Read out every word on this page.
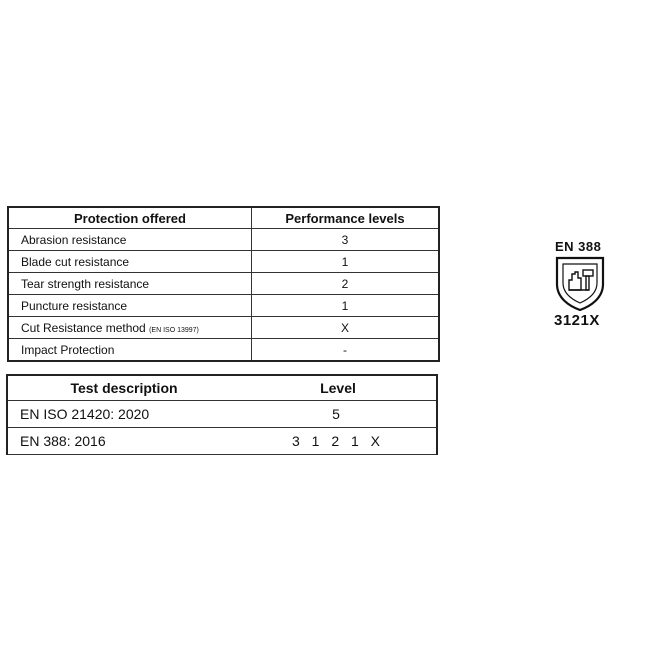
Protection offered	Performance levels
Abrasion resistance	3
Blade cut resistance	1
Tear strength resistance	2
Puncture resistance	1
Cut Resistance method (EN ISO 13997)	X
Impact Protection	-
Test description	Level
EN ISO 21420: 2020	5
EN 388: 2016	3 1 2 1 X
EN 388
3121X
